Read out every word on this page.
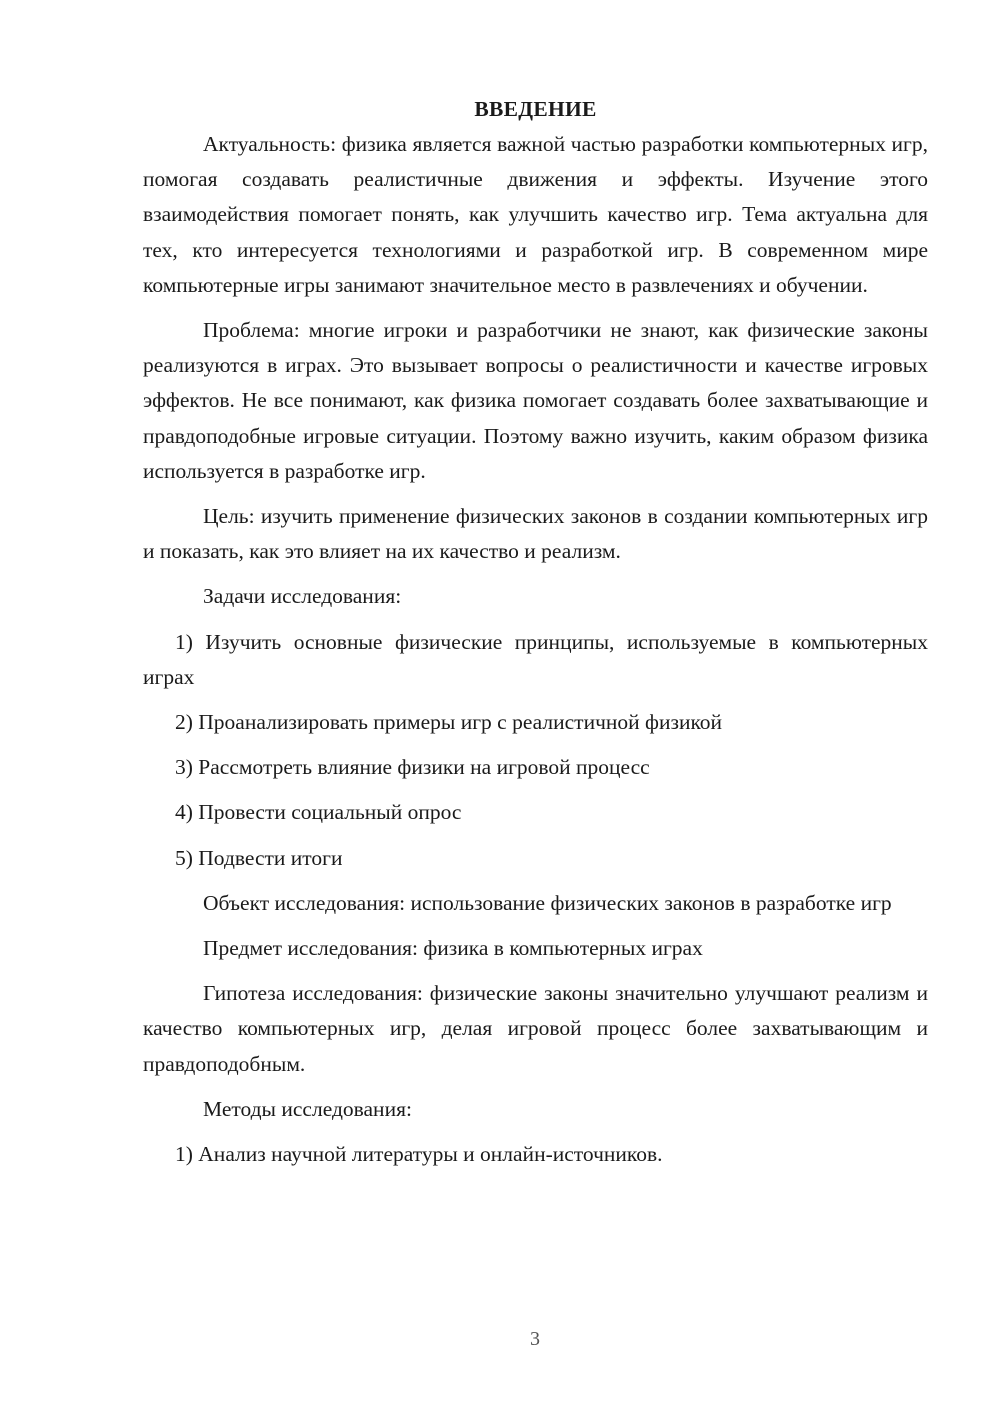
ВВЕДЕНИЕ

Актуальность: физика является важной частью разработки компьютерных игр, помогая создавать реалистичные движения и эффекты. Изучение этого взаимодействия помогает понять, как улучшить качество игр. Тема актуальна для тех, кто интересуется технологиями и разработкой игр. В современном мире компьютерные игры занимают значительное место в развлечениях и обучении.

Проблема: многие игроки и разработчики не знают, как физические законы реализуются в играх. Это вызывает вопросы о реалистичности и качестве игровых эффектов. Не все понимают, как физика помогает создавать более захватывающие и правдоподобные игровые ситуации. Поэтому важно изучить, каким образом физика используется в разработке игр.

Цель: изучить применение физических законов в создании компьютерных игр и показать, как это влияет на их качество и реализм.

Задачи исследования:

1) Изучить основные физические принципы, используемые в компьютерных играх

2) Проанализировать примеры игр с реалистичной физикой

3) Рассмотреть влияние физики на игровой процесс

4) Провести социальный опрос

5) Подвести итоги

Объект исследования: использование физических законов в разработке игр

Предмет исследования: физика в компьютерных играх

Гипотеза исследования: физические законы значительно улучшают реализм и качество компьютерных игр, делая игровой процесс более захватывающим и правдоподобным.

Методы исследования:

1) Анализ научной литературы и онлайн-источников.

3
